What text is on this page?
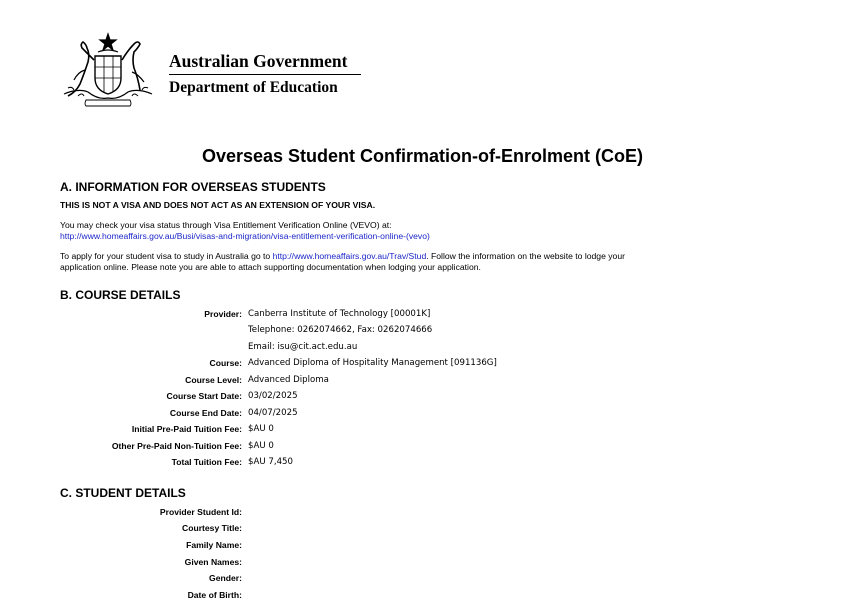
Australian Government
Department of Education
Overseas Student Confirmation-of-Enrolment (CoE)
A. INFORMATION FOR OVERSEAS STUDENTS
THIS IS NOT A VISA AND DOES NOT ACT AS AN EXTENSION OF YOUR VISA.
You may check your visa status through Visa Entitlement Verification Online (VEVO) at:
http://www.homeaffairs.gov.au/Busi/visas-and-migration/visa-entitlement-verification-online-(vevo)
To apply for your student visa to study in Australia go to http://www.homeaffairs.gov.au/Trav/Stud. Follow the information on the website to lodge your
application online. Please note you are able to attach supporting documentation when lodging your application.
B. COURSE DETAILS
Provider: Canberra Institute of Technology [00001K]
Telephone: 0262074662, Fax: 0262074666
Email: isu@cit.act.edu.au
Course: Advanced Diploma of Hospitality Management [091136G]
Course Level: Advanced Diploma
Course Start Date: 03/02/2025
Course End Date: 04/07/2025
Initial Pre-Paid Tuition Fee: $AU 0
Other Pre-Paid Non-Tuition Fee: $AU 0
Total Tuition Fee: $AU 7,450
C. STUDENT DETAILS
Provider Student Id:
Courtesy Title:
Family Name:
Given Names:
Gender:
Date of Birth:
